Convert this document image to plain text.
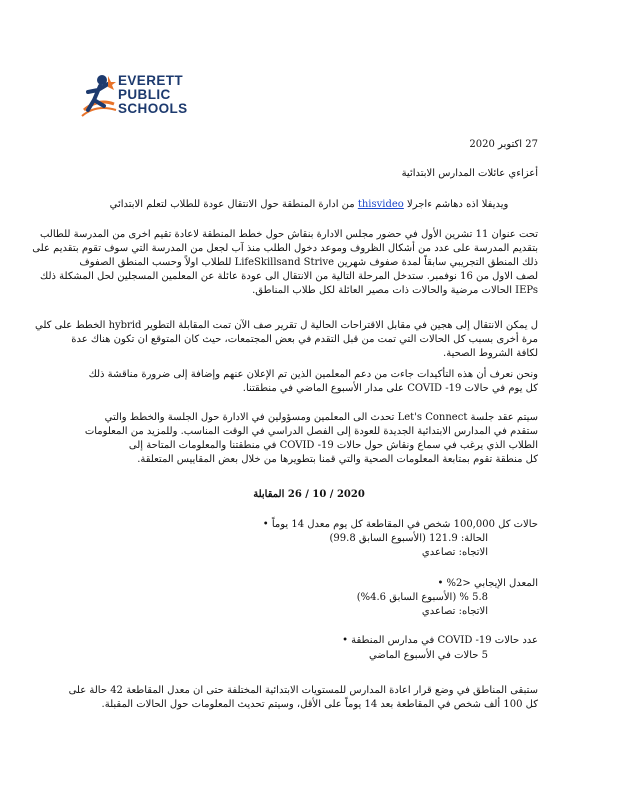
EVERETT
PUBLIC
SCHOOLS
27 اكتوبر 2020
أعزاءي عائلات المدارس الابتدائية
ويديفلا اذه دهاشم ءاجرلا thisvideo من ادارة المنطقة حول الانتقال عودة للطلاب لتعلم الابتدائي
تحت عنوان 11 تشرين الأول في حضور مجلس الادارة بنقاش حول خطط المنطقة لاعادة تقيم اخرى من المدرسة للطالب
بتقديم المدرسة على عدد من أشكال الظروف وموعد دخول الطلب منذ آب لجعل من المدرسة التي سوف تقوم بتقديم على
ذلك المنطق التجريبي سابقاً لمدة صفوف شهرين LifeSkillsand Strive للطلاب اولاً وحسب المنطق الصفوف
لصف الاول من 16 نوفمبر. ستدخل المرحلة التالية من الانتقال الى عودة عائلة عن المعلمين المسجلين لحل المشكلة ذلك
IEPs الحالات مرضية والحالات ذات مصير العائلة لكل طلاب المناطق.
ل يمكن الانتقال إلى هجين في مقابل الاقتراحات الحالية ل تقرير صف الآن تمت المقابلة التطوير hybrid الخطط على كلي
مرة أخرى بسبب كل الحالات التي تمت من قبل التقدم في بعض المجتمعات، حيث كان المتوقع ان تكون هناك عدة
لكافة الشروط الصحية.
ونحن نعرف أن هذه التأكيدات جاءت من دعم المعلمين الذين تم الإعلان عنهم وإضافة إلى ضرورة مناقشة ذلك
كل يوم في حالات COVID -19 على مدار الأسبوع الماضي في منطقتنا.
سيتم عقد جلسة Let's Connect تحدث الى المعلمين ومسؤولين في الادارة حول الجلسة والخطط والتي
ستقدم في المدارس الابتدائية الجديدة للعودة إلى الفصل الدراسي في الوقت المناسب. وللمزيد من المعلومات
الطلاب الذي يرغب في سماع ونقاش حول حالات COVID -19 في منطقتنا والمعلومات المتاحة إلى
كل منطقة تقوم بمتابعة المعلومات الصحية والتي قمنا بتطويرها من خلال بعض المقاييس المتعلقة.
2020 / 10 / 26 المقابلة
حالات كل 100,000 شخص في المقاطعة كل يوم معدل 14 يوماً •
الحالة: 121.9 (الأسبوع السابق 99.8)
الاتجاه: تصاعدي
المعدل الإيجابي <2% •
5.8 % (الأسبوع السابق 4.6%)
الاتجاه: تصاعدي
عدد حالات COVID -19 في مدارس المنطقة •
5 حالات في الأسبوع الماضي
ستبقى المناطق في وضع قرار اعادة المدارس للمستويات الابتدائية المختلفة حتى ان معدل المقاطعة 42 حالة على
كل 100 ألف شخص في المقاطعة بعد 14 يوماً على الأقل، وسيتم تحديث المعلومات حول الحالات المقبلة.
